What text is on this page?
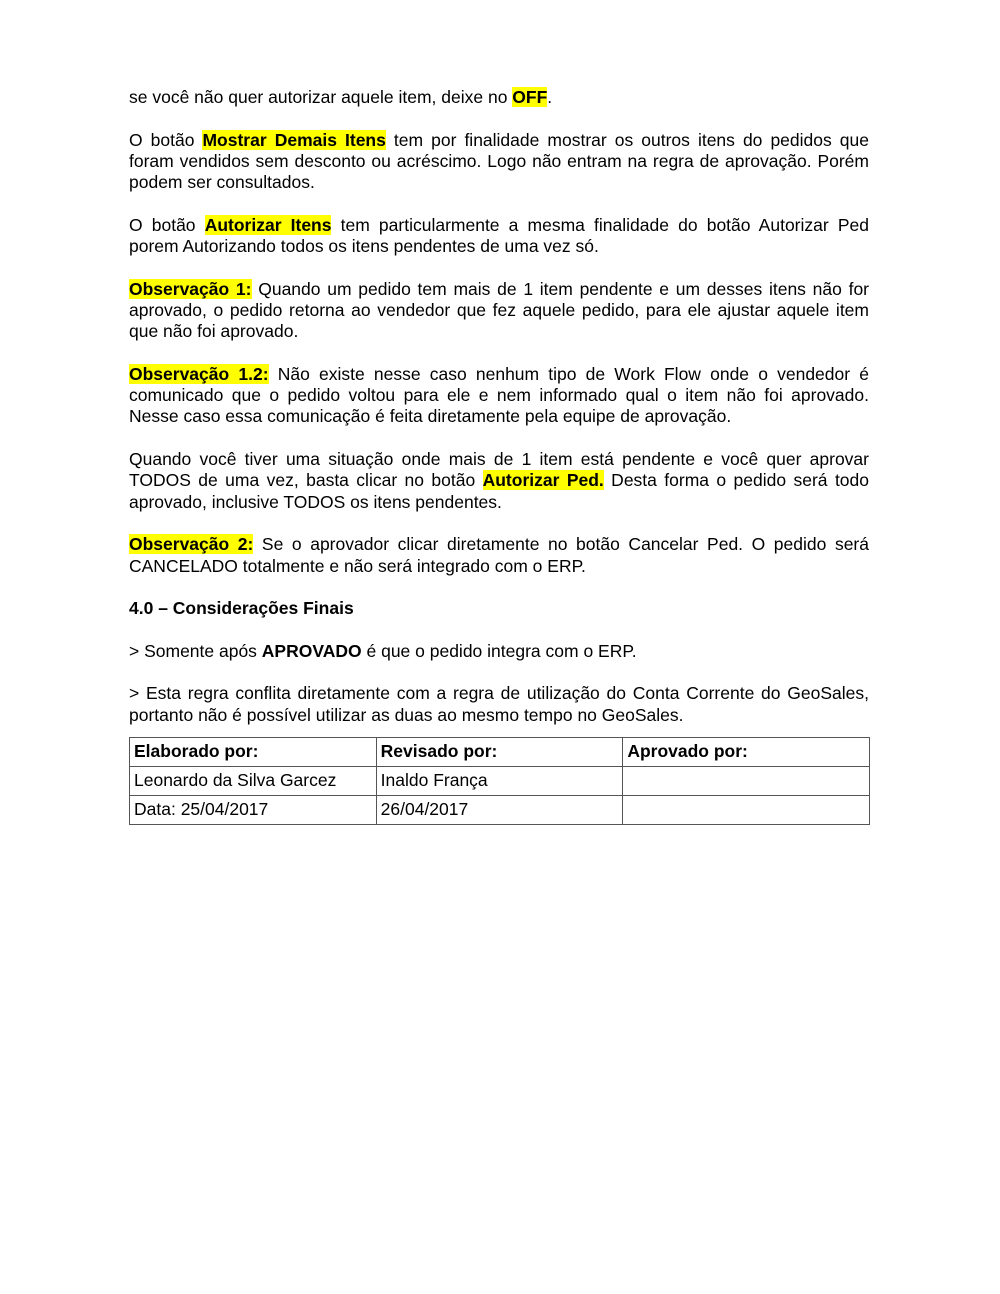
se você não quer autorizar aquele item, deixe no OFF.

O botão Mostrar Demais Itens tem por finalidade mostrar os outros itens do pedidos que foram vendidos sem desconto ou acréscimo. Logo não entram na regra de aprovação. Porém podem ser consultados.

O botão Autorizar Itens tem particularmente a mesma finalidade do botão Autorizar Ped porem Autorizando todos os itens pendentes de uma vez só.

Observação 1: Quando um pedido tem mais de 1 item pendente e um desses itens não for aprovado, o pedido retorna ao vendedor que fez aquele pedido, para ele ajustar aquele item que não foi aprovado.

Observação 1.2: Não existe nesse caso nenhum tipo de Work Flow onde o vendedor é comunicado que o pedido voltou para ele e nem informado qual o item não foi aprovado. Nesse caso essa comunicação é feita diretamente pela equipe de aprovação.

Quando você tiver uma situação onde mais de 1 item está pendente e você quer aprovar TODOS de uma vez, basta clicar no botão Autorizar Ped. Desta forma o pedido será todo aprovado, inclusive TODOS os itens pendentes.

Observação 2: Se o aprovador clicar diretamente no botão Cancelar Ped. O pedido será CANCELADO totalmente e não será integrado com o ERP.

4.0 – Considerações Finais

> Somente após APROVADO é que o pedido integra com o ERP.

> Esta regra conflita diretamente com a regra de utilização do Conta Corrente do GeoSales, portanto não é possível utilizar as duas ao mesmo tempo no GeoSales.

Elaborado por:	Revisado por:	Aprovado por:
Leonardo da Silva Garcez	Inaldo França	
Data: 25/04/2017	26/04/2017	
